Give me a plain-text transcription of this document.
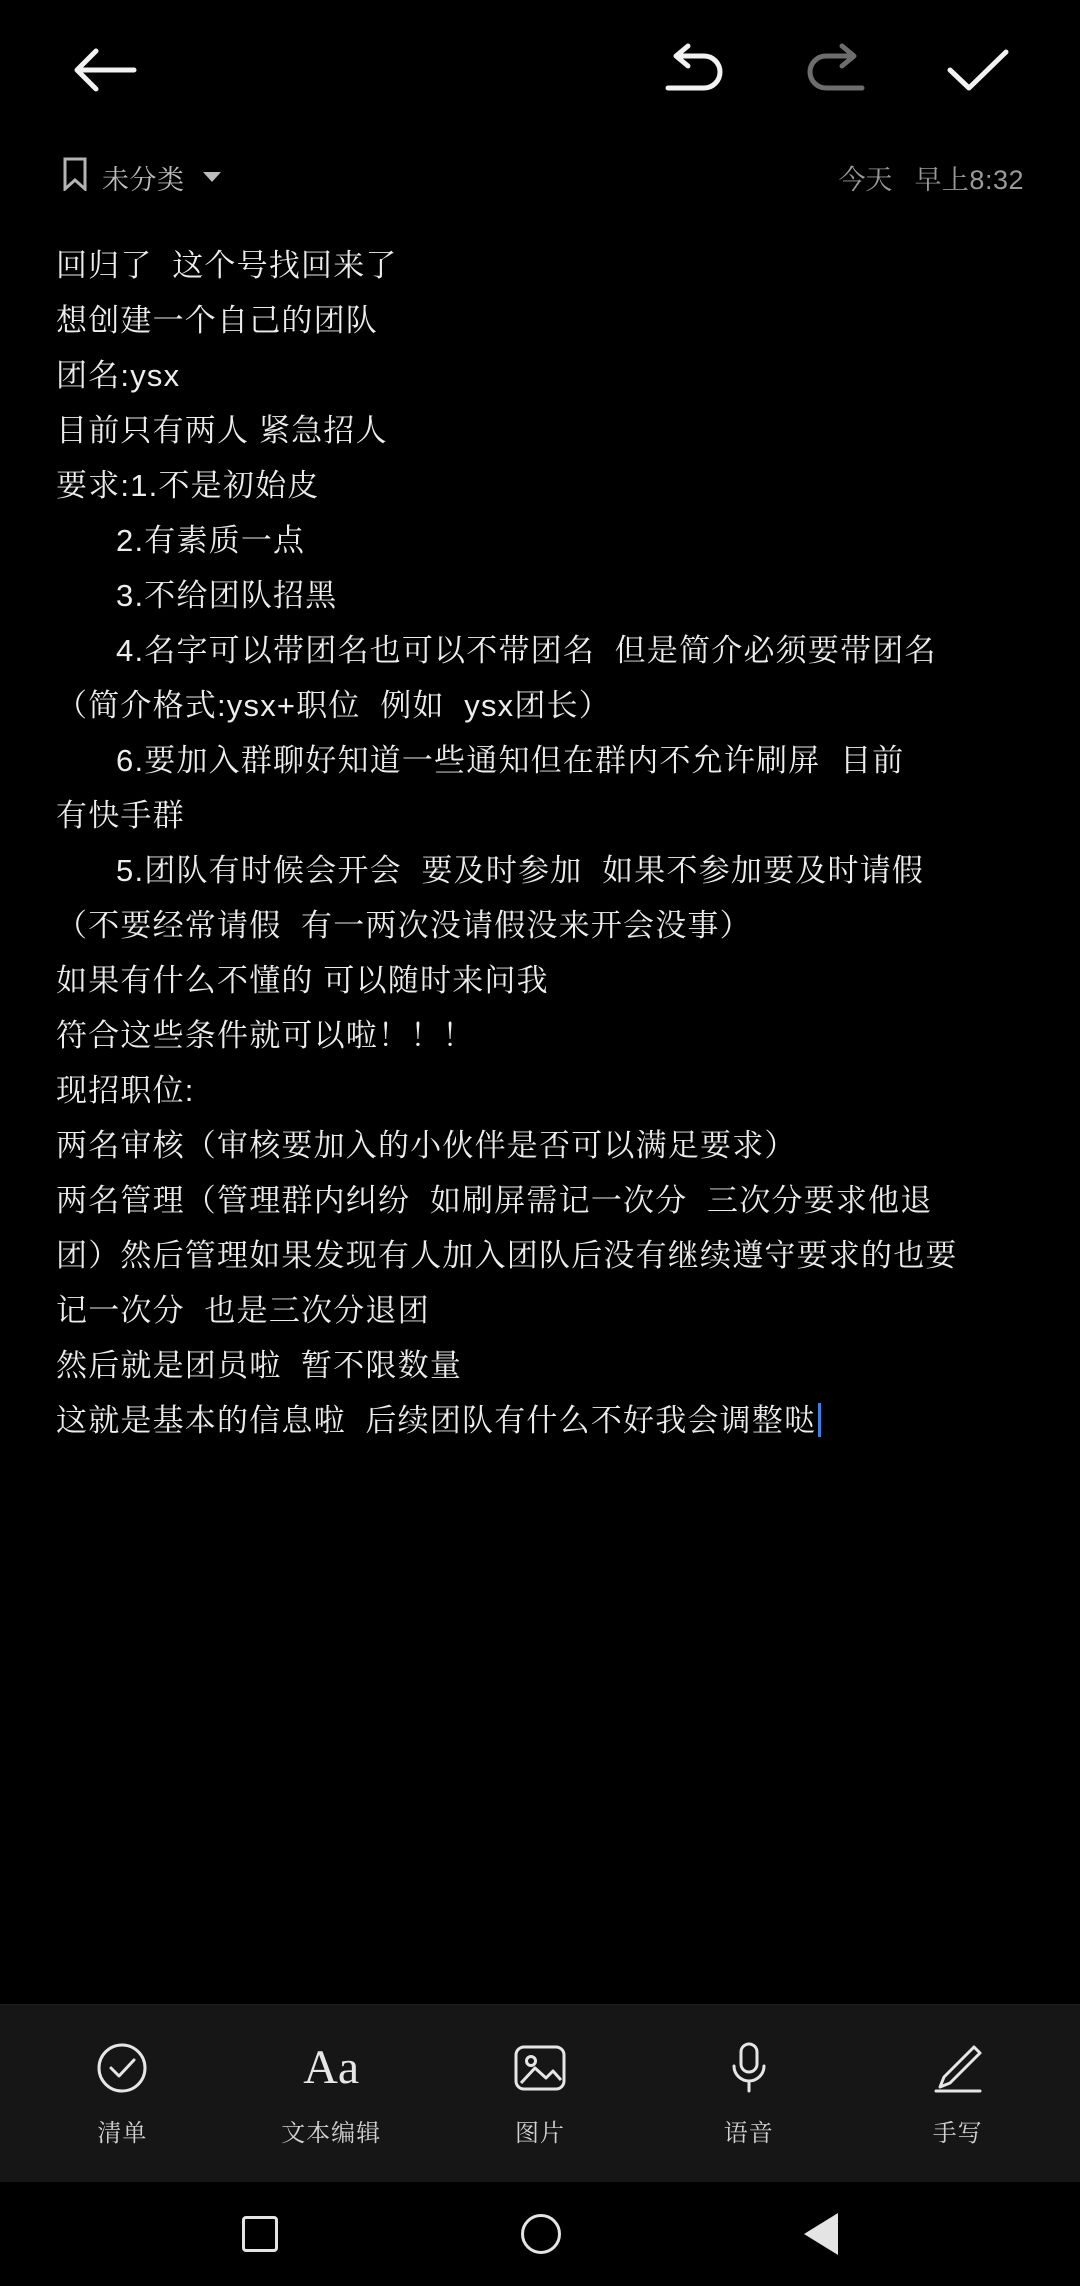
未分类	今天 早上8:32
回归了  这个号找回来了
想创建一个自己的团队
团名:ysx
目前只有两人 紧急招人
要求:1.不是初始皮
2.有素质一点
3.不给团队招黑
4.名字可以带团名也可以不带团名  但是简介必须要带团名
（简介格式:ysx+职位  例如  ysx团长）
6.要加入群聊好知道一些通知但在群内不允许刷屏  目前
有快手群
5.团队有时候会开会  要及时参加  如果不参加要及时请假
（不要经常请假  有一两次没请假没来开会没事）
如果有什么不懂的 可以随时来问我
符合这些条件就可以啦！！！
现招职位:
两名审核（审核要加入的小伙伴是否可以满足要求）
两名管理（管理群内纠纷  如刷屏需记一次分  三次分要求他退
团）然后管理如果发现有人加入团队后没有继续遵守要求的也要
记一次分  也是三次分退团
然后就是团员啦  暂不限数量
这就是基本的信息啦  后续团队有什么不好我会调整哒
清单
Aa
文本编辑	图片	语音	手写
